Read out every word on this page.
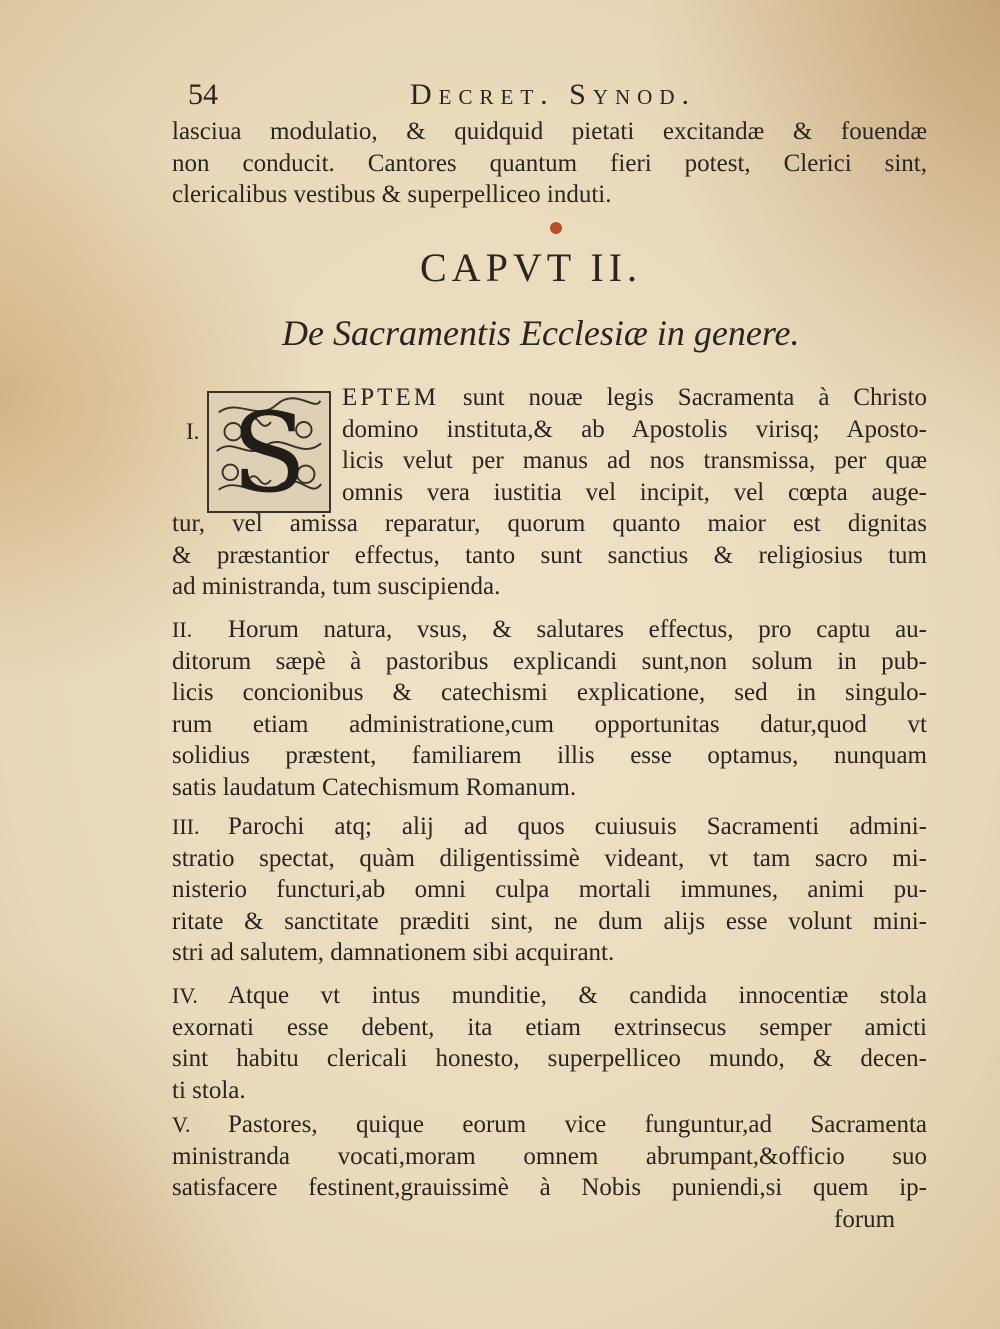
54	Decret. Synod.
lasciua modulatio, & quidquid pietati excitandæ & fouendæ
non conducit. Cantores quantum fieri potest, Clerici sint,
clericalibus vestibus & superpelliceo induti.
CAPVT II.
De Sacramentis Ecclesiæ in genere.
S
I.
EPTEM sunt nouæ legis Sacramenta à Christo
domino instituta,& ab Apostolis virisq; Aposto-
licis velut per manus ad nos transmissa, per quæ
omnis vera iustitia vel incipit, vel cœpta auge-
tur, vel amissa reparatur, quorum quanto maior est dignitas
& præstantior effectus, tanto sunt sanctius & religiosius tum
ad ministranda, tum suscipienda.
II. Horum natura, vsus, & salutares effectus, pro captu au-
ditorum sæpè à pastoribus explicandi sunt,non solum in pub-
licis concionibus & catechismi explicatione, sed in singulo-
rum etiam administratione,cum opportunitas datur,quod vt
solidius præstent, familiarem illis esse optamus, nunquam
satis laudatum Catechismum Romanum.
III. Parochi atq; alij ad quos cuiusuis Sacramenti admini-
stratio spectat, quàm diligentissimè videant, vt tam sacro mi-
nisterio functuri,ab omni culpa mortali immunes, animi pu-
ritate & sanctitate præditi sint, ne dum alijs esse volunt mini-
stri ad salutem, damnationem sibi acquirant.
IV. Atque vt intus munditie, & candida innocentiæ stola
exornati esse debent, ita etiam extrinsecus semper amicti
sint habitu clericali honesto, superpelliceo mundo, & decen-
ti stola.
V. Pastores, quique eorum vice funguntur,ad Sacramenta
ministranda vocati,moram omnem abrumpant,&officio suo
satisfacere festinent,grauissimè à Nobis puniendi,si quem ip-
forum
